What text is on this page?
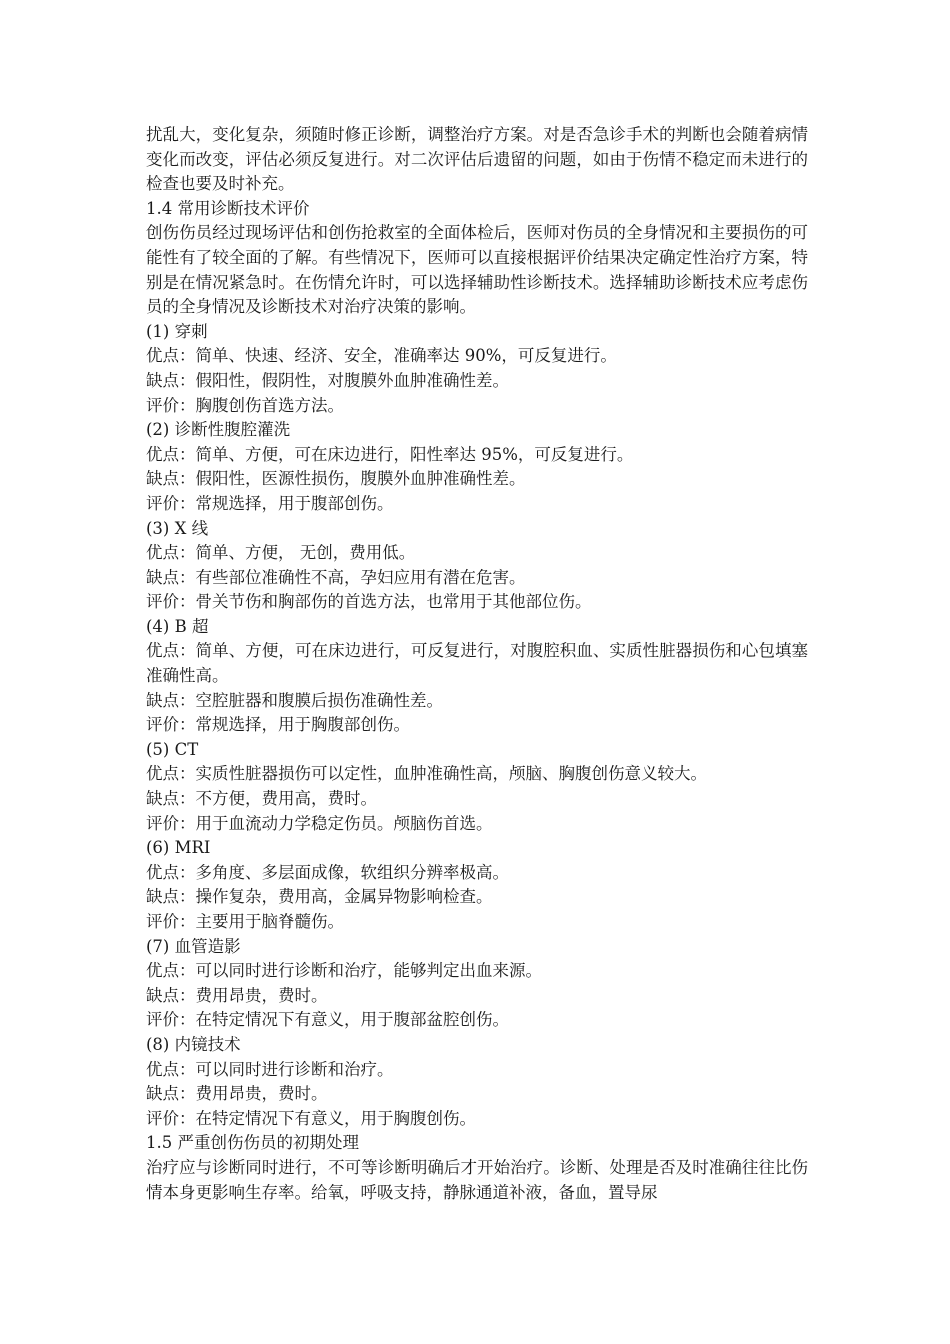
扰乱大，变化复杂，须随时修正诊断，调整治疗方案。对是否急诊手术的判断也会随着病情变化而改变，评估必须反复进行。对二次评估后遗留的问题，如由于伤情不稳定而未进行的检查也要及时补充。

1.4 常用诊断技术评价

创伤伤员经过现场评估和创伤抢救室的全面体检后，医师对伤员的全身情况和主要损伤的可能性有了较全面的了解。有些情况下，医师可以直接根据评价结果决定确定性治疗方案，特别是在情况紧急时。在伤情允许时，可以选择辅助性诊断技术。选择辅助诊断技术应考虑伤员的全身情况及诊断技术对治疗决策的影响。

(1) 穿刺

优点：简单、快速、经济、安全，准确率达 90%，可反复进行。

缺点：假阳性，假阴性，对腹膜外血肿准确性差。

评价：胸腹创伤首选方法。

(2) 诊断性腹腔灌洗

优点：简单、方便，可在床边进行，阳性率达 95%，可反复进行。

缺点：假阳性，医源性损伤，腹膜外血肿准确性差。

评价：常规选择，用于腹部创伤。

(3) X 线

优点：简单、方便， 无创，费用低。

缺点：有些部位准确性不高，孕妇应用有潜在危害。

评价：骨关节伤和胸部伤的首选方法，也常用于其他部位伤。

(4) B 超

优点：简单、方便，可在床边进行，可反复进行，对腹腔积血、实质性脏器损伤和心包填塞准确性高。

缺点：空腔脏器和腹膜后损伤准确性差。

评价：常规选择，用于胸腹部创伤。

(5) CT

优点：实质性脏器损伤可以定性，血肿准确性高，颅脑、胸腹创伤意义较大。

缺点：不方便，费用高，费时。

评价：用于血流动力学稳定伤员。颅脑伤首选。

(6) MRI

优点：多角度、多层面成像，软组织分辨率极高。

缺点：操作复杂，费用高，金属异物影响检查。

评价：主要用于脑脊髓伤。

(7) 血管造影

优点：可以同时进行诊断和治疗，能够判定出血来源。

缺点：费用昂贵，费时。

评价：在特定情况下有意义，用于腹部盆腔创伤。

(8) 内镜技术

优点：可以同时进行诊断和治疗。

缺点：费用昂贵，费时。

评价：在特定情况下有意义，用于胸腹创伤。

1.5 严重创伤伤员的初期处理

治疗应与诊断同时进行，不可等诊断明确后才开始治疗。诊断、处理是否及时准确往往比伤情本身更影响生存率。给氧，呼吸支持，静脉通道补液，备血，置导尿
